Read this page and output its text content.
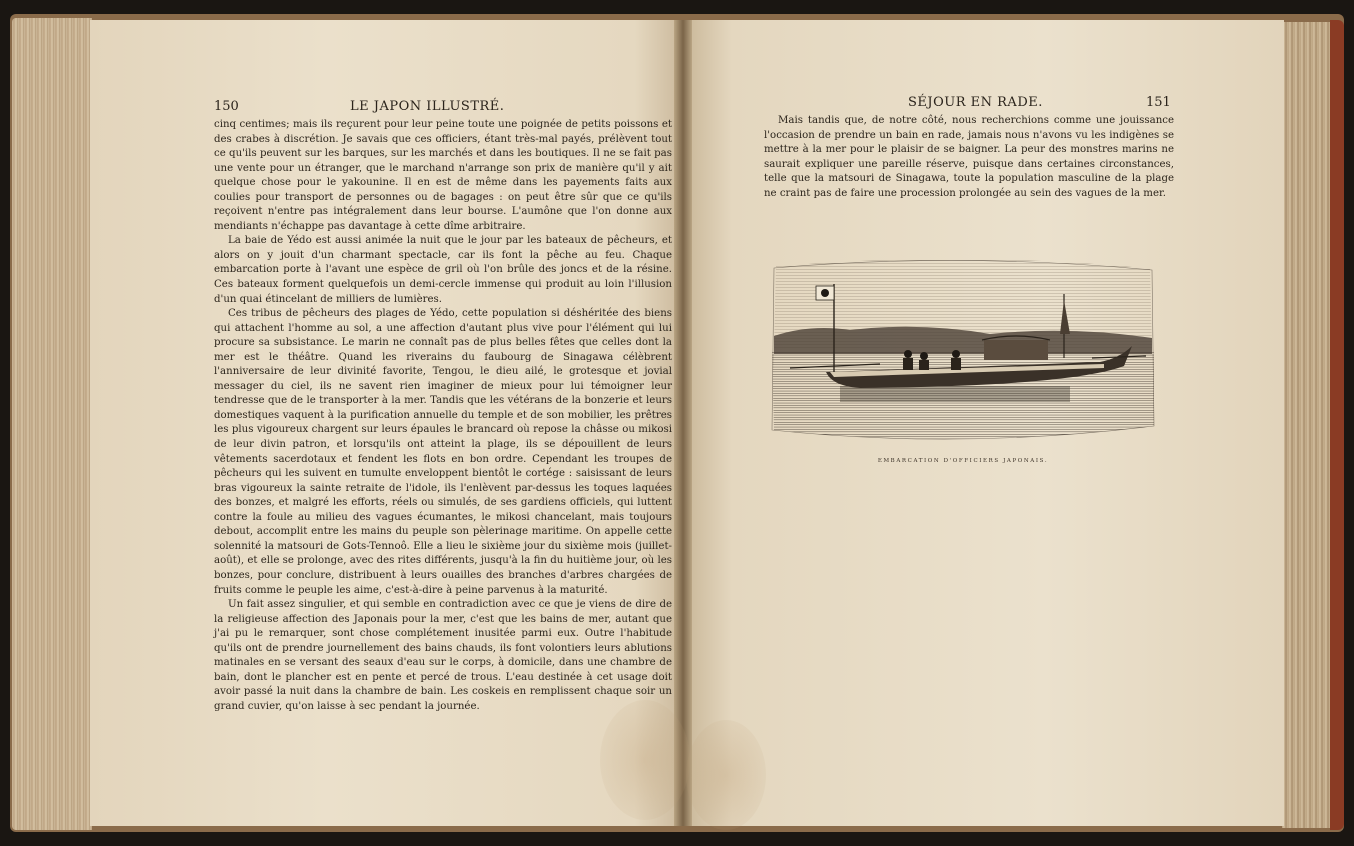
150	LE JAPON ILLUSTRÉ.

cinq centimes; mais ils reçurent pour leur peine toute une poignée de petits poissons et des crabes à discrétion. Je savais que ces officiers, étant très-mal payés, prélèvent tout ce qu'ils peuvent sur les barques, sur les marchés et dans les boutiques. Il ne se fait pas une vente pour un étranger, que le marchand n'arrange son prix de manière qu'il y ait quelque chose pour le yakounine. Il en est de même dans les payements faits aux coulies pour transport de personnes ou de bagages : on peut être sûr que ce qu'ils reçoivent n'entre pas intégralement dans leur bourse. L'aumône que l'on donne aux mendiants n'échappe pas davantage à cette dîme arbitraire.

La baie de Yédo est aussi animée la nuit que le jour par les bateaux de pêcheurs, et alors on y jouit d'un charmant spectacle, car ils font la pêche au feu. Chaque embarcation porte à l'avant une espèce de gril où l'on brûle des joncs et de la résine. Ces bateaux forment quelquefois un demi-cercle immense qui produit au loin l'illusion d'un quai étincelant de milliers de lumières.

Ces tribus de pêcheurs des plages de Yédo, cette population si déshéritée des biens qui attachent l'homme au sol, a une affection d'autant plus vive pour l'élément qui lui procure sa subsistance. Le marin ne connaît pas de plus belles fêtes que celles dont la mer est le théâtre. Quand les riverains du faubourg de Sinagawa célèbrent l'anniversaire de leur divinité favorite, Tengou, le dieu ailé, le grotesque et jovial messager du ciel, ils ne savent rien imaginer de mieux pour lui témoigner leur tendresse que de le transporter à la mer. Tandis que les vétérans de la bonzerie et leurs domestiques vaquent à la purification annuelle du temple et de son mobilier, les prêtres les plus vigoureux chargent sur leurs épaules le brancard où repose la châsse ou mikosi de leur divin patron, et lorsqu'ils ont atteint la plage, ils se dépouillent de leurs vêtements sacerdotaux et fendent les flots en bon ordre. Cependant les troupes de pêcheurs qui les suivent en tumulte enveloppent bientôt le cortége : saisissant de leurs bras vigoureux la sainte retraite de l'idole, ils l'enlèvent par-dessus les toques laquées des bonzes, et malgré les efforts, réels ou simulés, de ses gardiens officiels, qui luttent contre la foule au milieu des vagues écumantes, le mikosi chancelant, mais toujours debout, accomplit entre les mains du peuple son pèlerinage maritime. On appelle cette solennité la matsouri de Gots-Tennoô. Elle a lieu le sixième jour du sixième mois (juillet-août), et elle se prolonge, avec des rites différents, jusqu'à la fin du huitième jour, où les bonzes, pour conclure, distribuent à leurs ouailles des branches d'arbres chargées de fruits comme le peuple les aime, c'est-à-dire à peine parvenus à la maturité.

Un fait assez singulier, et qui semble en contradiction avec ce que je viens de dire de la religieuse affection des Japonais pour la mer, c'est que les bains de mer, autant que j'ai pu le remarquer, sont chose complétement inusitée parmi eux. Outre l'habitude qu'ils ont de prendre journellement des bains chauds, ils font volontiers leurs ablutions matinales en se versant des seaux d'eau sur le corps, à domicile, dans une chambre de bain, dont le plancher est en pente et percé de trous. L'eau destinée à cet usage doit avoir passé la nuit dans la chambre de bain. Les coskeis en remplissent chaque soir un grand cuvier, qu'on laisse à sec pendant la journée.

SÉJOUR EN RADE.	151

Mais tandis que, de notre côté, nous recherchions comme une jouissance l'occasion de prendre un bain en rade, jamais nous n'avons vu les indigènes se mettre à la mer pour le plaisir de se baigner. La peur des monstres marins ne saurait expliquer une pareille réserve, puisque dans certaines circonstances, telle que la matsouri de Sinagawa, toute la population masculine de la plage ne craint pas de faire une procession prolongée au sein des vagues de la mer.

EMBARCATION D'OFFICIERS JAPONAIS.
